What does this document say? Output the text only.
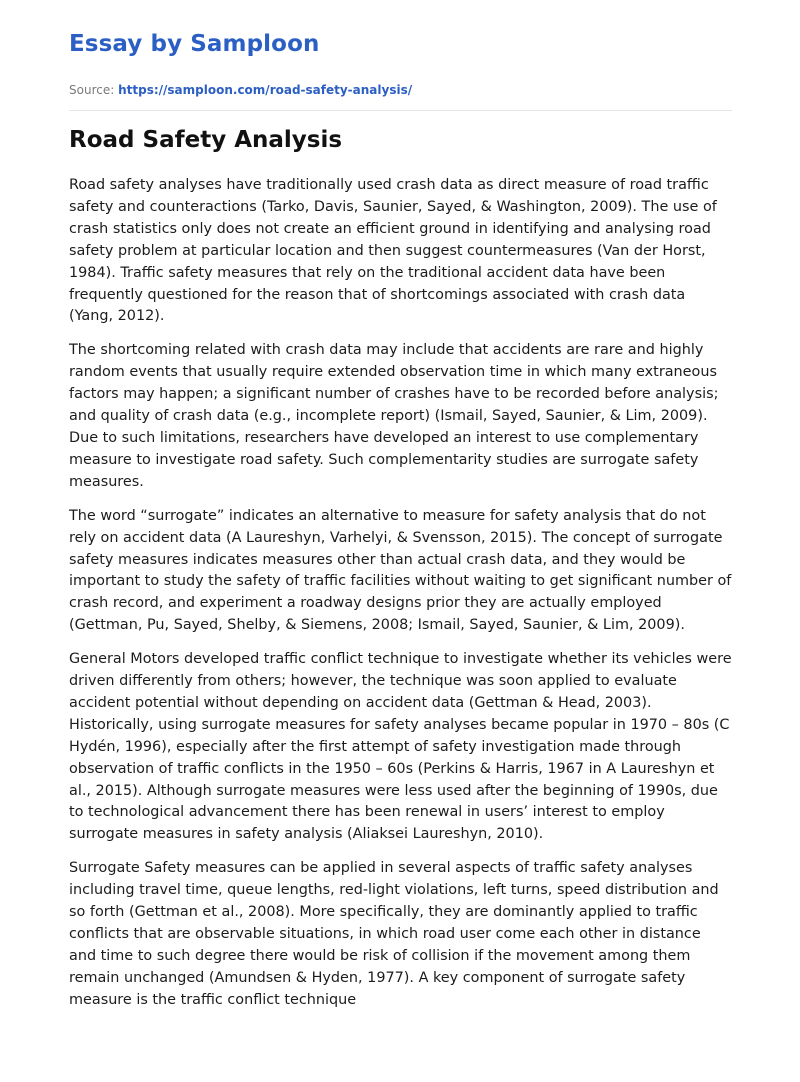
Essay by Samploon
Source: https://samploon.com/road-safety-analysis/
Road Safety Analysis

Road safety analyses have traditionally used crash data as direct measure of road traffic safety and counteractions (Tarko, Davis, Saunier, Sayed, & Washington, 2009). The use of crash statistics only does not create an efficient ground in identifying and analysing road safety problem at particular location and then suggest countermeasures (Van der Horst, 1984). Traffic safety measures that rely on the traditional accident data have been frequently questioned for the reason that of shortcomings associated with crash data (Yang, 2012).

The shortcoming related with crash data may include that accidents are rare and highly random events that usually require extended observation time in which many extraneous factors may happen; a significant number of crashes have to be recorded before analysis; and quality of crash data (e.g., incomplete report) (Ismail, Sayed, Saunier, & Lim, 2009). Due to such limitations, researchers have developed an interest to use complementary measure to investigate road safety. Such complementarity studies are surrogate safety measures.

The word “surrogate” indicates an alternative to measure for safety analysis that do not rely on accident data (A Laureshyn, Varhelyi, & Svensson, 2015). The concept of surrogate safety measures indicates measures other than actual crash data, and they would be important to study the safety of traffic facilities without waiting to get significant number of crash record, and experiment a roadway designs prior they are actually employed (Gettman, Pu, Sayed, Shelby, & Siemens, 2008; Ismail, Sayed, Saunier, & Lim, 2009).

General Motors developed traffic conflict technique to investigate whether its vehicles were driven differently from others; however, the technique was soon applied to evaluate accident potential without depending on accident data (Gettman & Head, 2003). Historically, using surrogate measures for safety analyses became popular in 1970 – 80s (C Hydén, 1996), especially after the first attempt of safety investigation made through observation of traffic conflicts in the 1950 – 60s (Perkins & Harris, 1967 in A Laureshyn et al., 2015). Although surrogate measures were less used after the beginning of 1990s, due to technological advancement there has been renewal in users’ interest to employ surrogate measures in safety analysis (Aliaksei Laureshyn, 2010).

Surrogate Safety measures can be applied in several aspects of traffic safety analyses including travel time, queue lengths, red-light violations, left turns, speed distribution and so forth (Gettman et al., 2008). More specifically, they are dominantly applied to traffic conflicts that are observable situations, in which road user come each other in distance and time to such degree there would be risk of collision if the movement among them remain unchanged (Amundsen & Hyden, 1977). A key component of surrogate safety measure is the traffic conflict technique
